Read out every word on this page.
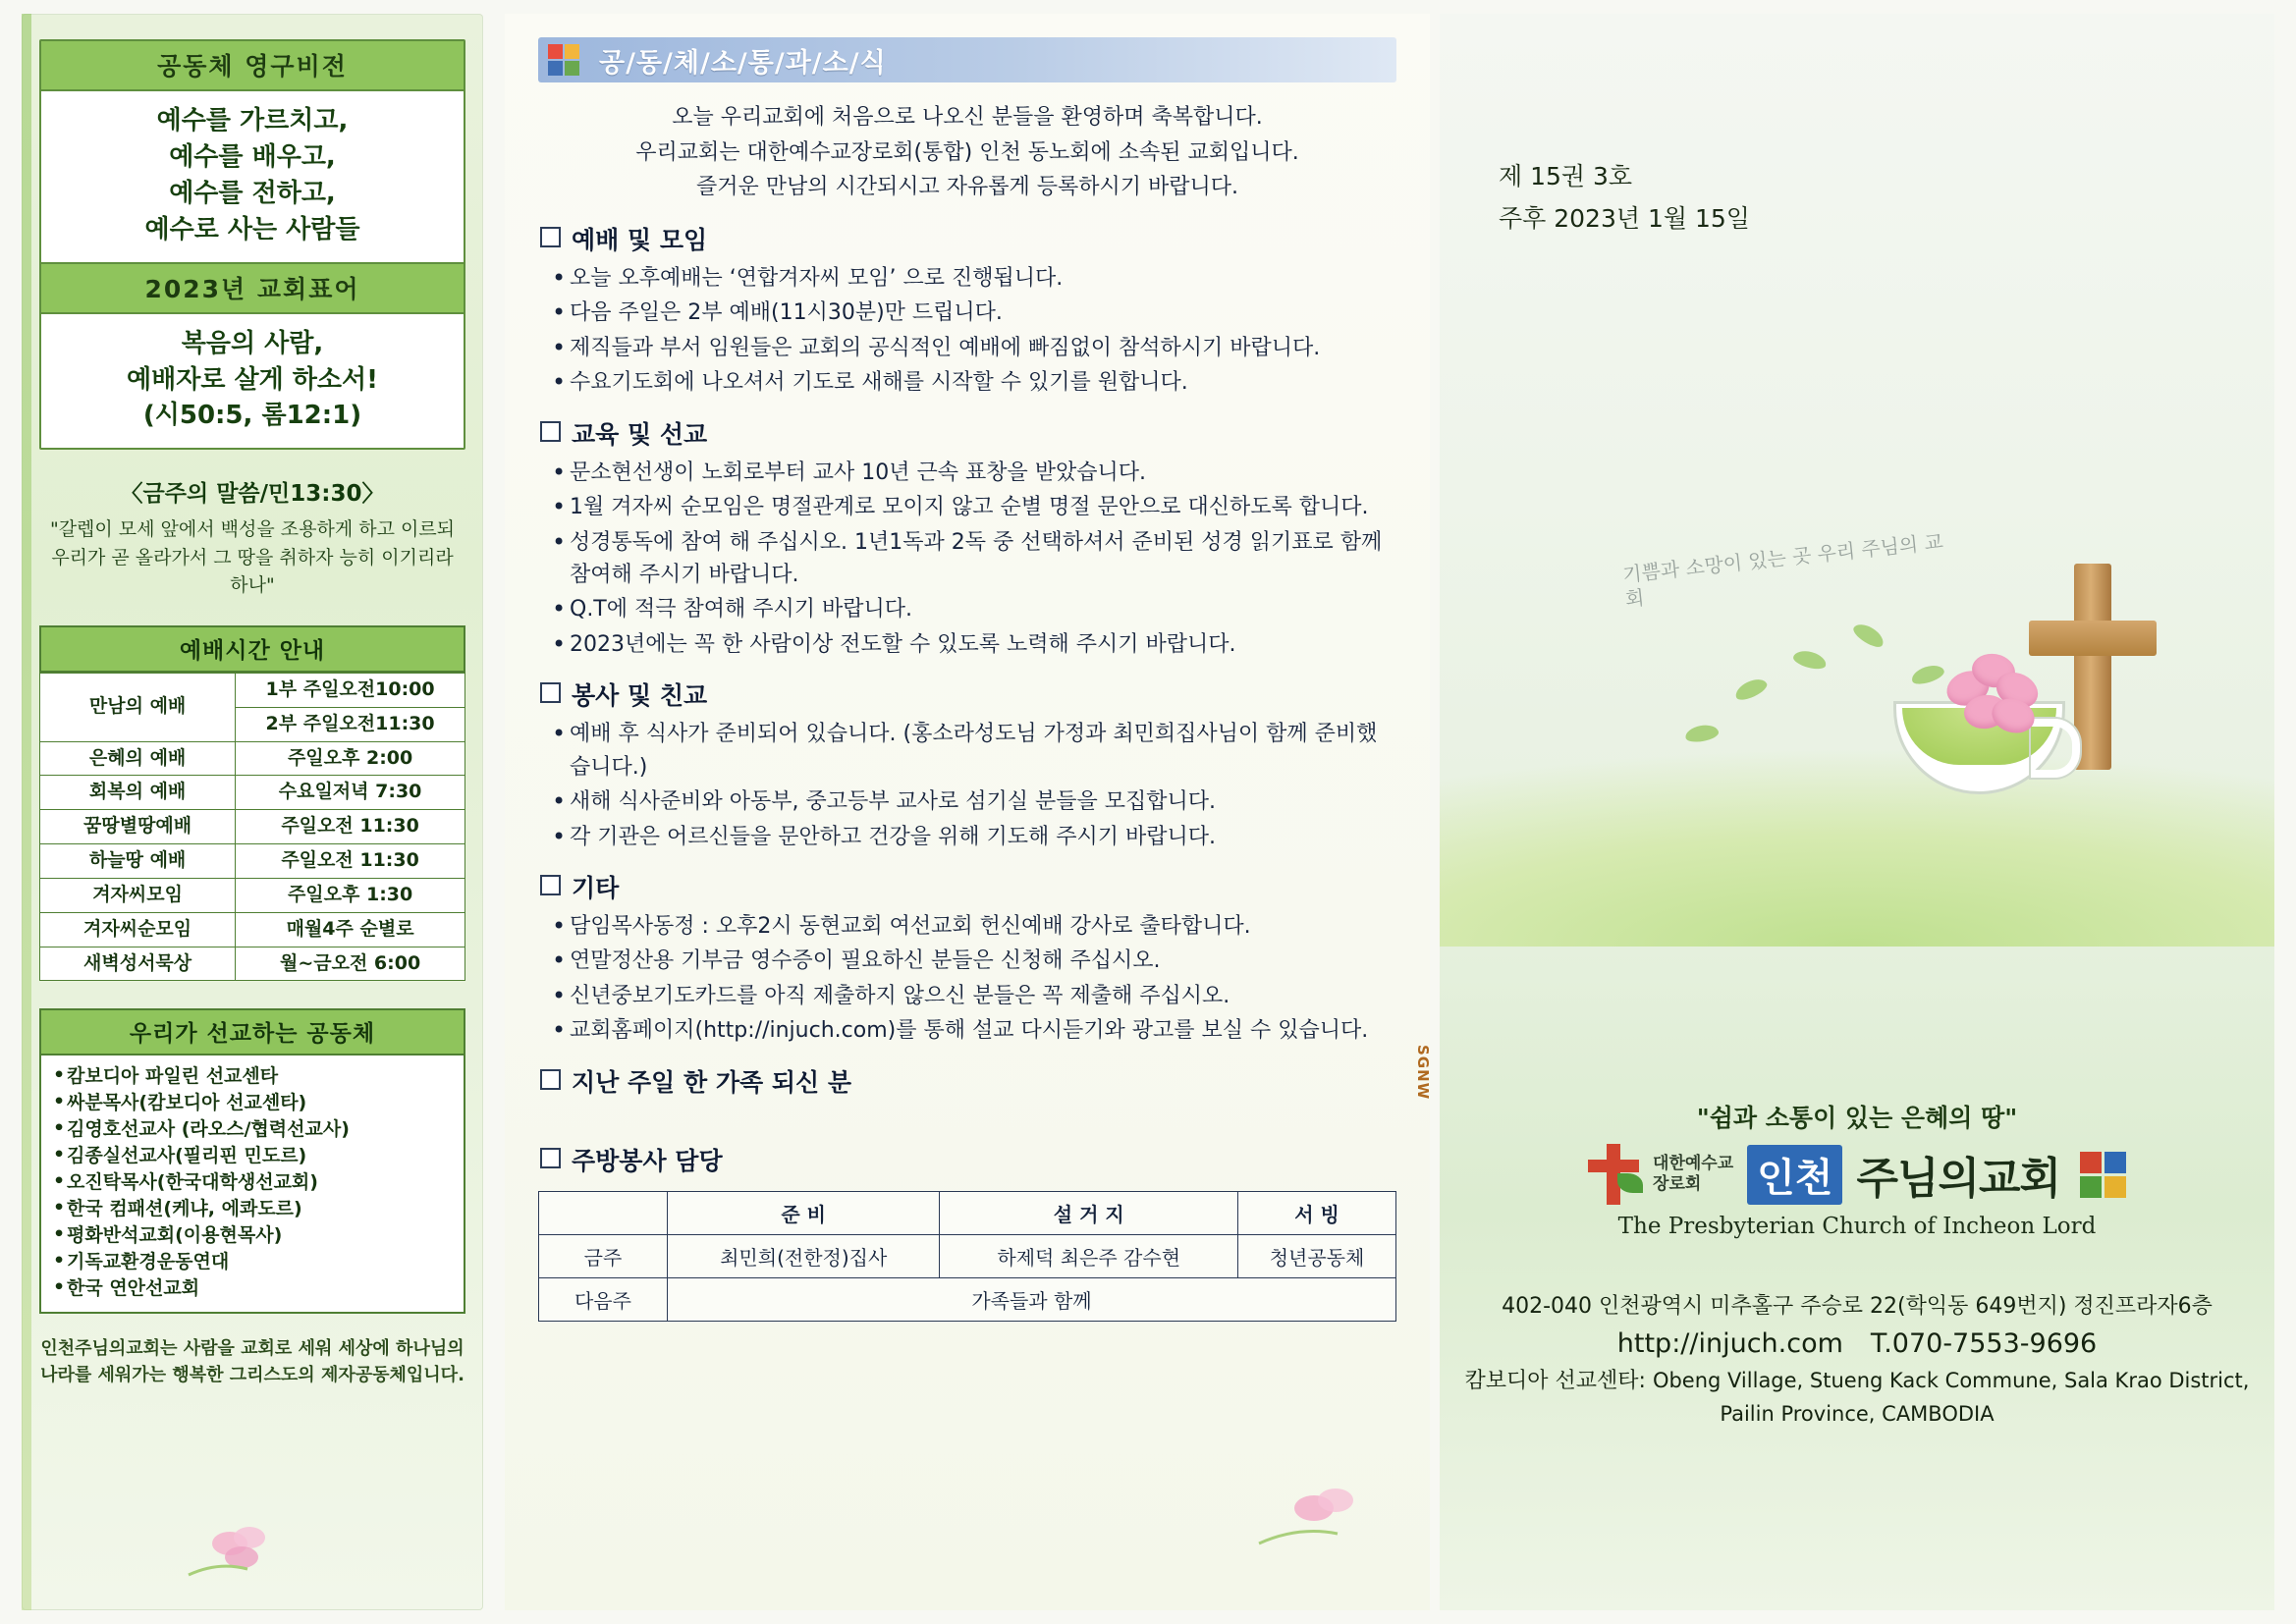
공동체 영구비전
예수를 가르치고,
예수를 배우고,
예수를 전하고,
예수로 사는 사람들
2023년 교회표어
복음의 사람,
예배자로 살게 하소서!
(시50:5, 롬12:1)
〈금주의 말씀/민13:30〉
"갈렙이 모세 앞에서 백성을 조용하게 하고 이르되 우리가 곧 올라가서 그 땅을 취하자 능히 이기리라 하나"
예배시간 안내
만남의 예배	1부 주일오전10:00
	2부 주일오전11:30
은혜의 예배	주일오후 2:00
회복의 예배	수요일저녁 7:30
꿈땅별땅예배	주일오전 11:30
하늘땅 예배	주일오전 11:30
겨자씨모임	주일오후 1:30
겨자씨순모임	매월4주 순별로
새벽성서묵상	월~금오전 6:00
우리가 선교하는 공동체
• 캄보디아 파일린 선교센타
• 싸분목사(캄보디아 선교센타)
• 김영호선교사 (라오스/협력선교사)
• 김종실선교사(필리핀 민도르)
• 오진탁목사(한국대학생선교회)
• 한국 컴패션(케냐, 에콰도르)
• 평화반석교회(이용현목사)
• 기독교환경운동연대
• 한국 연안선교회
인천주님의교회는 사람을 교회로 세워 세상에 하나님의 나라를 세워가는 행복한 그리스도의 제자공동체입니다.
공/동/체/소/통/과/소/식
오늘 우리교회에 처음으로 나오신 분들을 환영하며 축복합니다.
우리교회는 대한예수교장로회(통합) 인천 동노회에 소속된 교회입니다.
즐거운 만남의 시간되시고 자유롭게 등록하시기 바랍니다.
예배 및 모임
• 오늘 오후예배는 ‘연합겨자씨 모임’ 으로 진행됩니다.
• 다음 주일은 2부 예배(11시30분)만 드립니다.
• 제직들과 부서 임원들은 교회의 공식적인 예배에 빠짐없이 참석하시기 바랍니다.
• 수요기도회에 나오셔서 기도로 새해를 시작할 수 있기를 원합니다.
교육 및 선교
• 문소현선생이 노회로부터 교사 10년 근속 표창을 받았습니다.
• 1월 겨자씨 순모임은 명절관계로 모이지 않고 순별 명절 문안으로 대신하도록 합니다.
• 성경통독에 참여 해 주십시오. 1년1독과 2독 중 선택하셔서 준비된 성경 읽기표로 함께 참여해 주시기 바랍니다.
• Q.T에 적극 참여해 주시기 바랍니다.
• 2023년에는 꼭 한 사람이상 전도할 수 있도록 노력해 주시기 바랍니다.
봉사 및 친교
• 예배 후 식사가 준비되어 있습니다. (홍소라성도님 가정과 최민희집사님이 함께 준비했습니다.)
• 새해 식사준비와 아동부, 중고등부 교사로 섬기실 분들을 모집합니다.
• 각 기관은 어르신들을 문안하고 건강을 위해 기도해 주시기 바랍니다.
기타
• 담임목사동정 : 오후2시 동현교회 여선교회 헌신예배 강사로 출타합니다.
• 연말정산용 기부금 영수증이 필요하신 분들은 신청해 주십시오.
• 신년중보기도카드를 아직 제출하지 않으신 분들은 꼭 제출해 주십시오.
• 교회홈페이지(http://injuch.com)를 통해 설교 다시듣기와 광고를 보실 수 있습니다.
지난 주일 한 가족 되신 분
주방봉사 담당
	준 비	설 거 지	서 빙
금주	최민희(전한정)집사	하제덕 최은주 감수현	청년공동체
다음주	가족들과 함께		
SGNW
제 15권 3호
주후 2023년 1월 15일
기쁨과 소망이 있는 곳 우리 주님의 교회
"쉼과 소통이 있는 은혜의 땅"
대한예수교
장로회	인천 주님의교회
The Presbyterian Church of Incheon Lord
402-040 인천광역시 미추홀구 주승로 22(학익동 649번지) 정진프라자6층
http://injuch.com T.070-7553-9696
캄보디아 선교센타: Obeng Village, Stueng Kack Commune, Sala Krao District, Pailin Province, CAMBODIA
